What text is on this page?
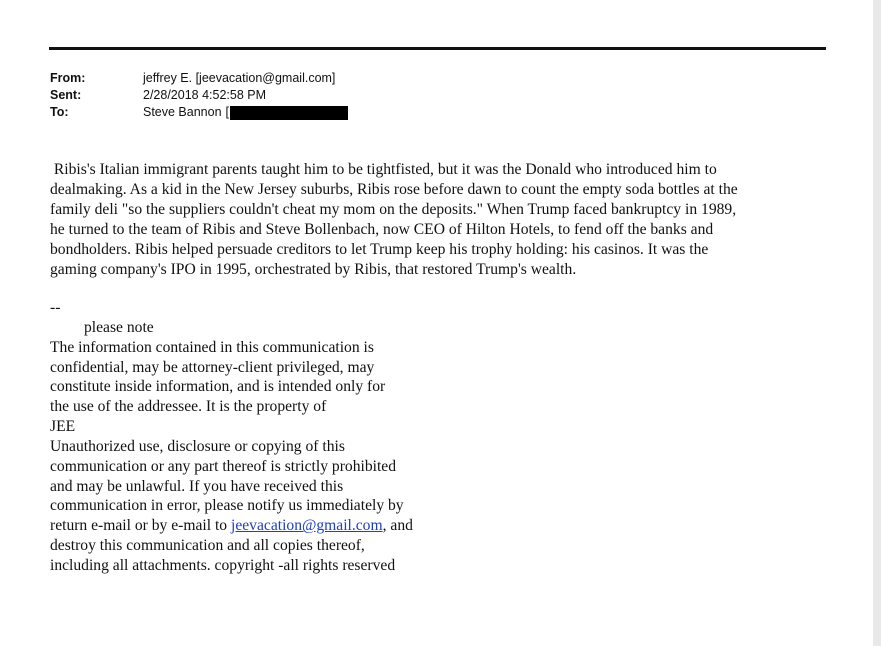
From:	jeffrey E. [jeevacation@gmail.com]
Sent:	2/28/2018 4:52:58 PM
To:	Steve Bannon [
Ribis's Italian immigrant parents taught him to be tightfisted, but it was the Donald who introduced him to
dealmaking. As a kid in the New Jersey suburbs, Ribis rose before dawn to count the empty soda bottles at the
family deli "so the suppliers couldn't cheat my mom on the deposits." When Trump faced bankruptcy in 1989,
he turned to the team of Ribis and Steve Bollenbach, now CEO of Hilton Hotels, to fend off the banks and
bondholders. Ribis helped persuade creditors to let Trump keep his trophy holding: his casinos. It was the
gaming company's IPO in 1995, orchestrated by Ribis, that restored Trump's wealth.
--
please note
The information contained in this communication is
confidential, may be attorney-client privileged, may
constitute inside information, and is intended only for
the use of the addressee. It is the property of
JEE
Unauthorized use, disclosure or copying of this
communication or any part thereof is strictly prohibited
and may be unlawful. If you have received this
communication in error, please notify us immediately by
return e-mail or by e-mail to jeevacation@gmail.com, and
destroy this communication and all copies thereof,
including all attachments. copyright -all rights reserved
